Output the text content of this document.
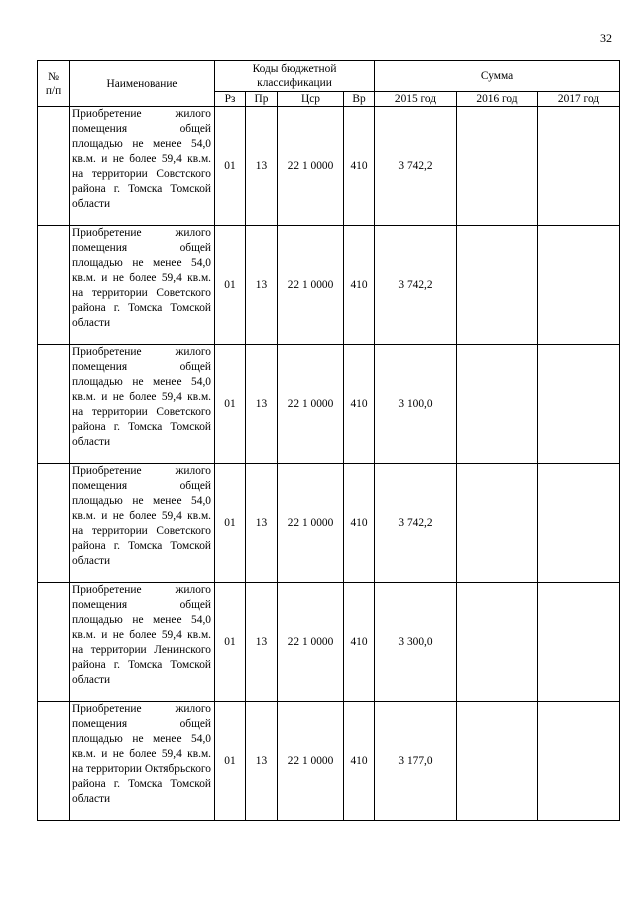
32
№ п/п	Наименование	Коды бюджетной классификации				Сумма		
		Рз	Пр	Цср	Вр	2015 год	2016 год	2017 год
	Приобретение жилого помещения общей площадью не менее 54,0 кв.м. и не более 59,4 кв.м. на территории Совстского района г. Томска Томской
области	01	13	22 1 0000	410	3 742,2		
	Приобретение жилого помещения общей площадью не менее 54,0 кв.м. и не более 59,4 кв.м. на территории Советского района г. Томска Томской
области	01	13	22 1 0000	410	3 742,2		
	Приобретение жилого помещения общей площадью не менее 54,0 кв.м. и не более 59,4 кв.м. на территории Советского района г. Томска Томской
области	01	13	22 1 0000	410	3 100,0		
	Приобретение жилого помещения общей площадью не менее 54,0 кв.м. и не более 59,4 кв.м. на территории Советского района г. Томска Томской
области	01	13	22 1 0000	410	3 742,2		
	Приобретение жилого помещения общей площадью не менее 54,0 кв.м. и не более 59,4 кв.м. на территории Ленинского района г. Томска Томской
области	01	13	22 1 0000	410	3 300,0		
	Приобретение жилого помещения общей площадью не менее 54,0 кв.м. и не более 59,4 кв.м. на территории Октябрьского района г. Томска Томской
области	01	13	22 1 0000	410	3 177,0		
